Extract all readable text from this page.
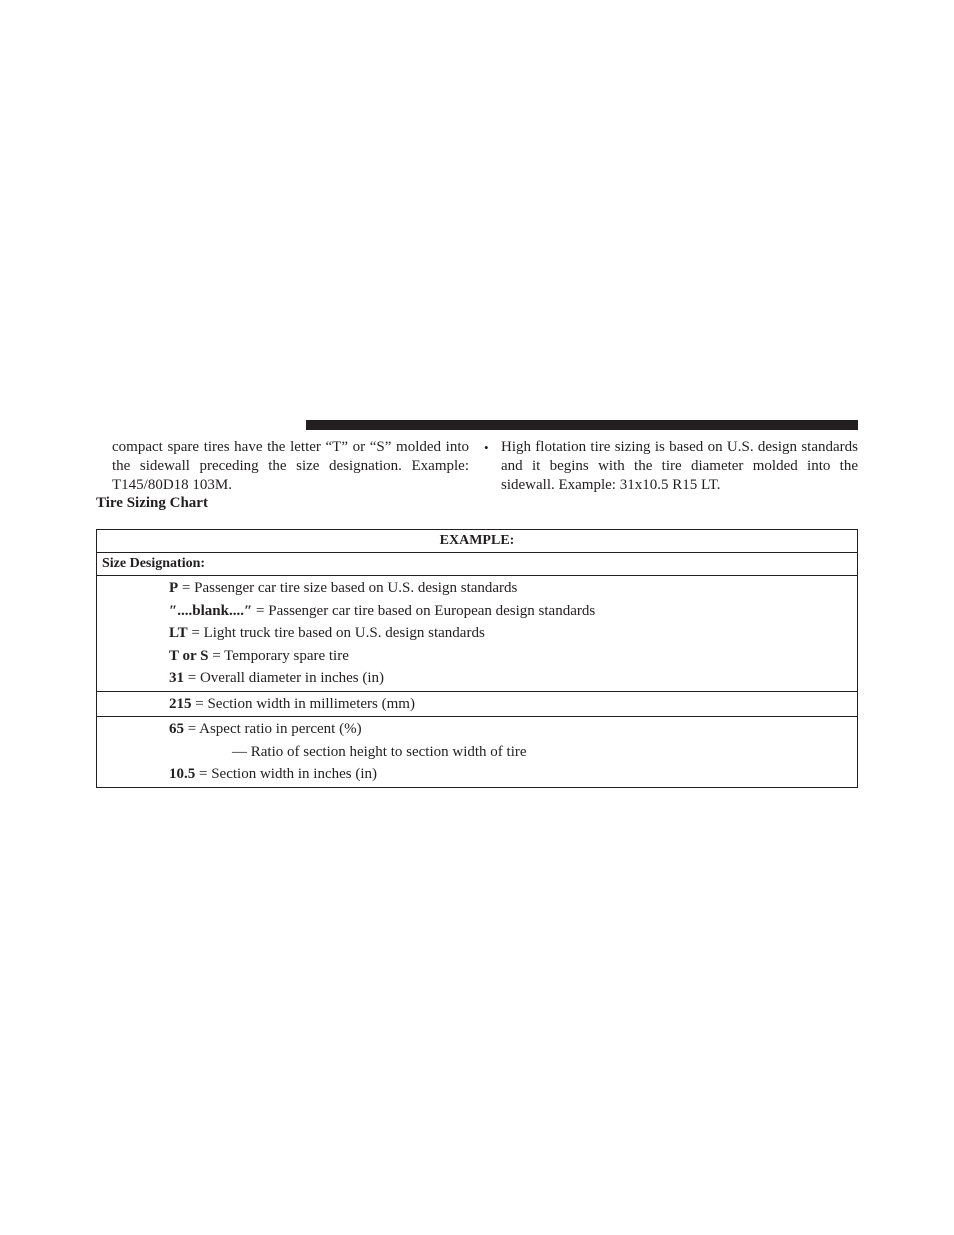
compact spare tires have the letter “T” or “S” molded into the sidewall preceding the size designation. Example: T145/80D18 103M.
• High flotation tire sizing is based on U.S. design standards and it begins with the tire diameter molded into the sidewall. Example: 31x10.5 R15 LT.
Tire Sizing Chart
EXAMPLE:
Size Designation:
P = Passenger car tire size based on U.S. design standards
″....blank....″ = Passenger car tire based on European design standards
LT = Light truck tire based on U.S. design standards
T or S = Temporary spare tire
31 = Overall diameter in inches (in)
215 = Section width in millimeters (mm)
65 = Aspect ratio in percent (%)
— Ratio of section height to section width of tire
10.5 = Section width in inches (in)
